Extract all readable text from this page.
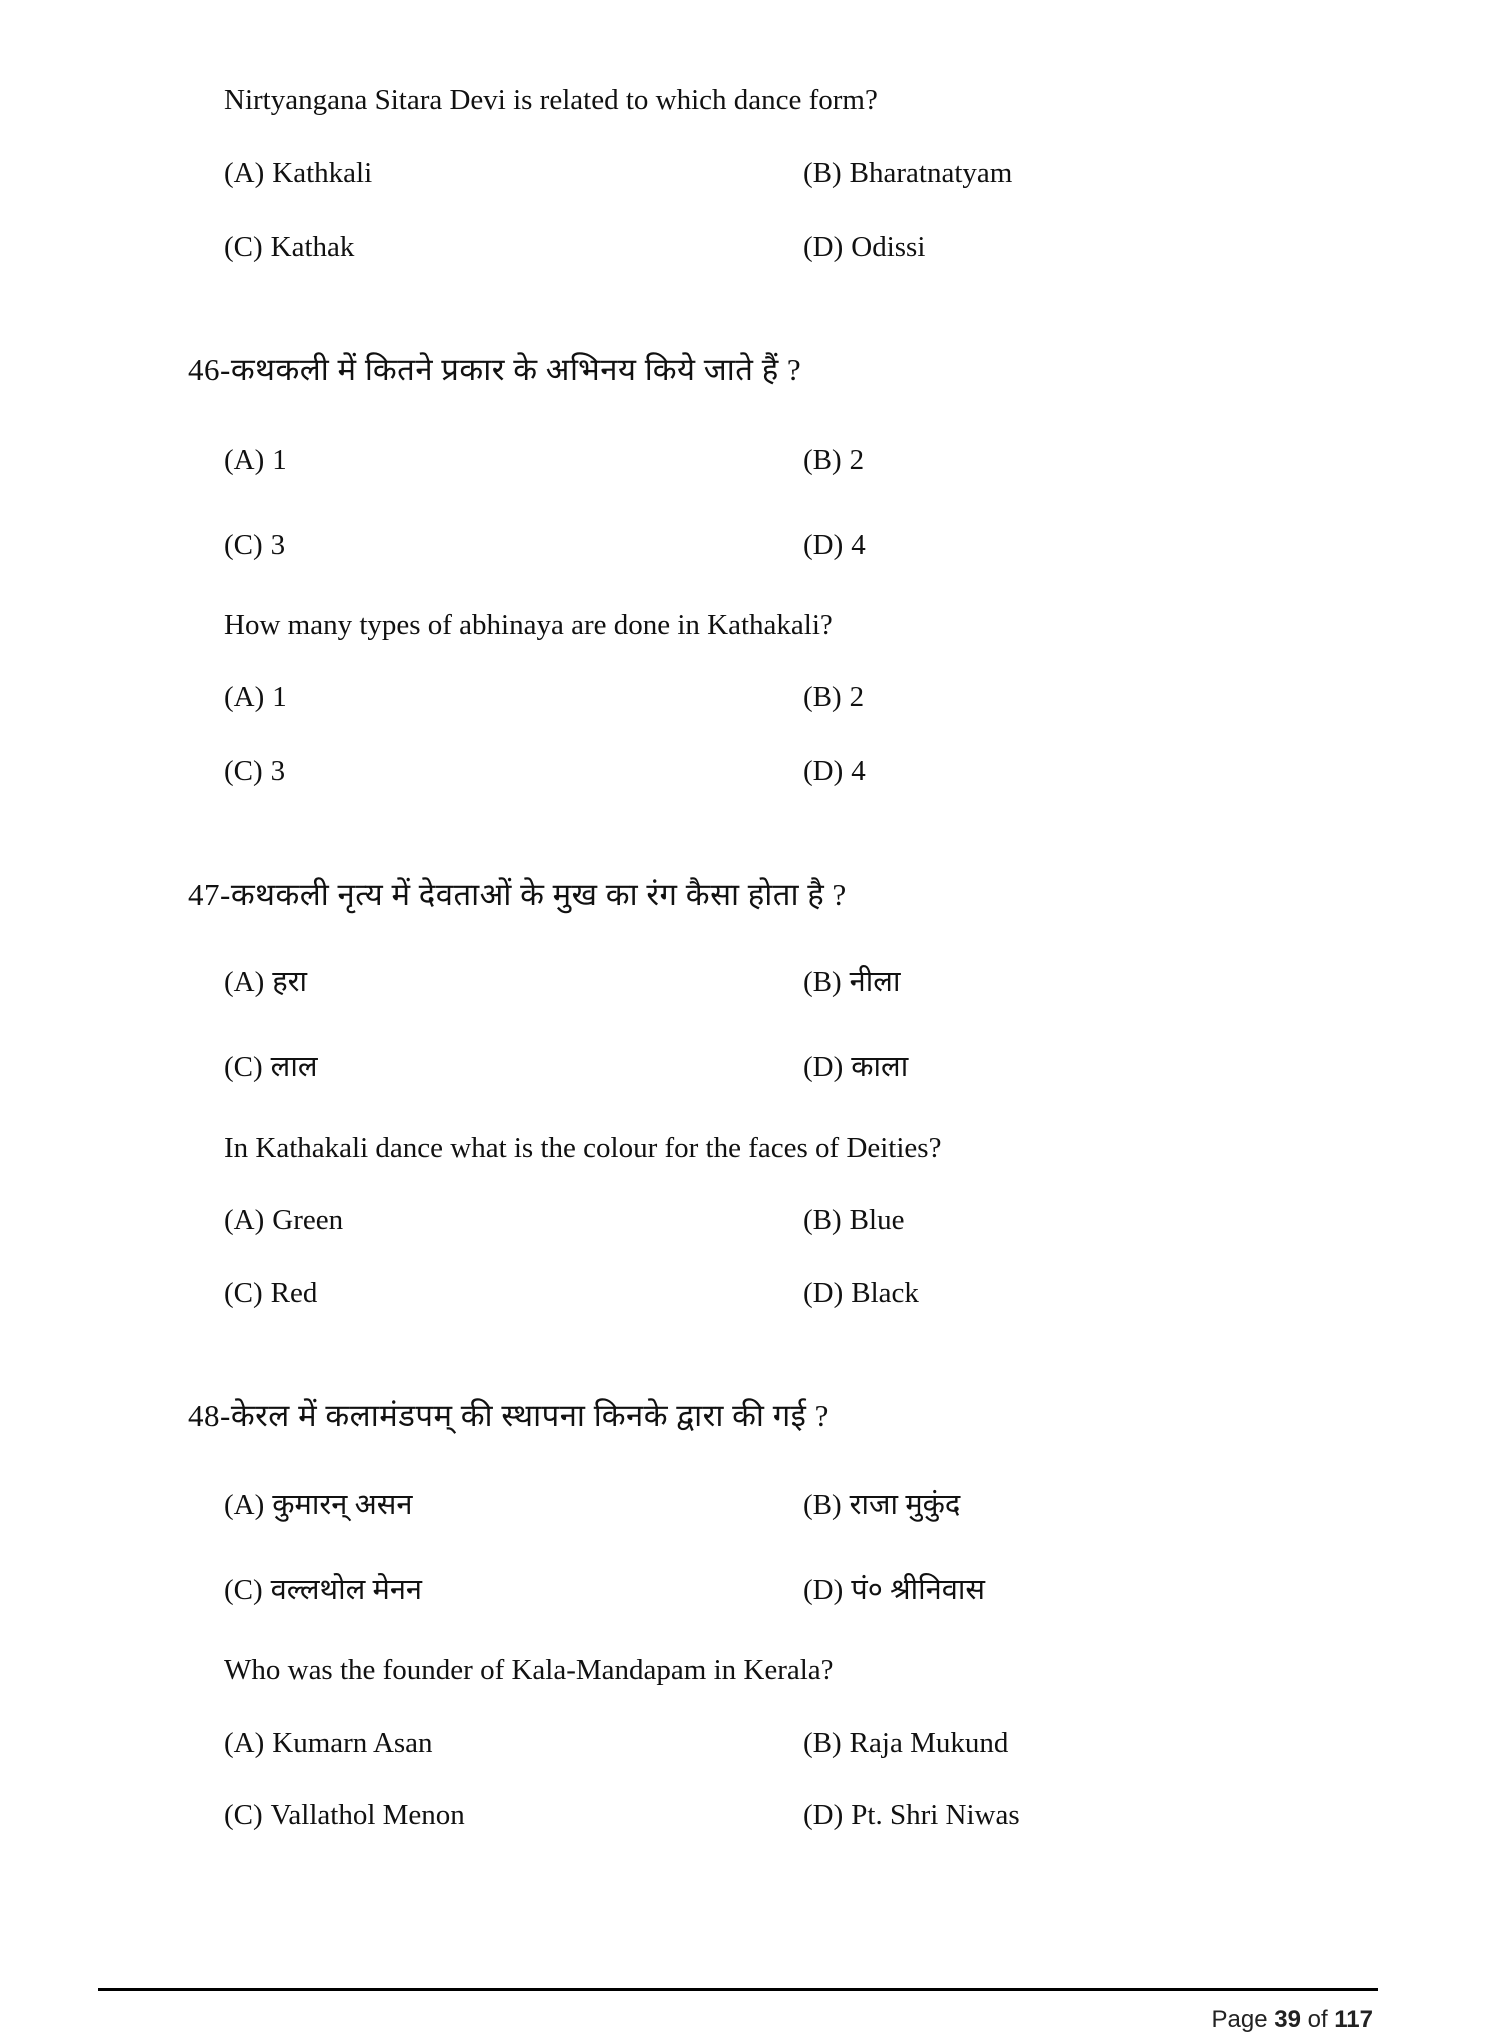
Nirtyangana Sitara Devi is related to which dance form?
(A) Kathkali	(B) Bharatnatyam
(C) Kathak	(D) Odissi
46-कथकली में कितने प्रकार के अभिनय किये जाते हैं ?
(A) 1	(B) 2
(C) 3	(D) 4
How many types of abhinaya are done in Kathakali?
(A) 1	(B) 2
(C) 3	(D) 4
47-कथकली नृत्य में देवताओं के मुख का रंग कैसा होता है ?
(A) हरा	(B) नीला
(C) लाल	(D) काला
In Kathakali dance what is the colour for the faces of Deities?
(A) Green	(B) Blue
(C) Red	(D) Black
48-केरल में कलामंडपम् की स्थापना किनके द्वारा की गई ?
(A) कुमारन् असन	(B) राजा मुकुंद
(C) वल्लथोल मेनन	(D) पं० श्रीनिवास
Who was the founder of Kala-Mandapam in Kerala?
(A) Kumarn Asan	(B) Raja Mukund
(C) Vallathol Menon	(D) Pt. Shri Niwas
Page 39 of 117
